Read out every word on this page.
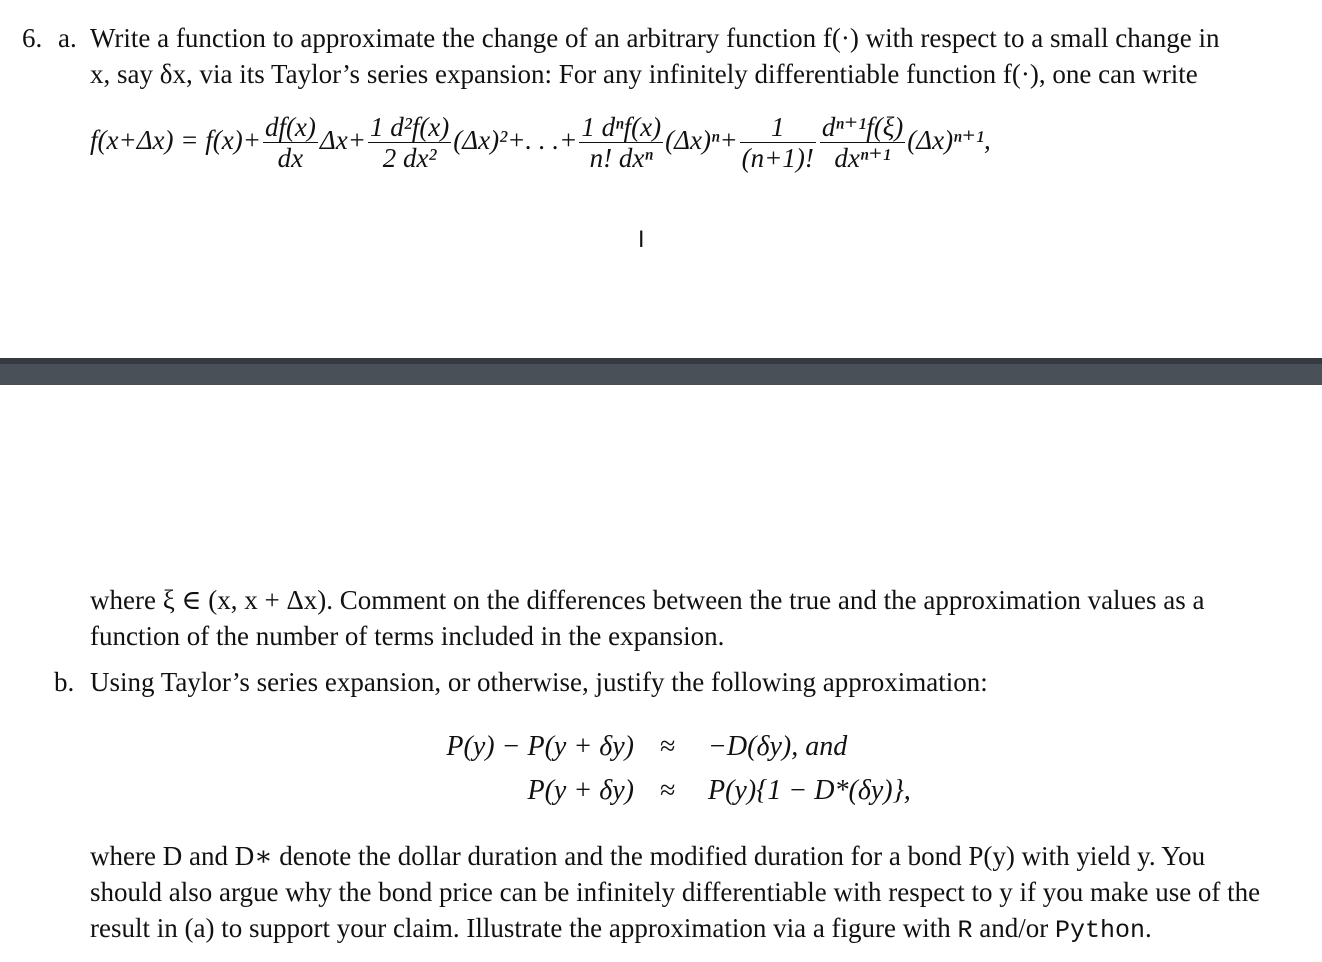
6. a. Write a function to approximate the change of an arbitrary function f(·) with respect to a small change in
x, say δx, via its Taylor’s series expansion: For any infinitely differentiable function f(·), one can write
$f(x+\Delta x) = f(x)+ \frac{df(x)}{dx} \Delta x+ \frac{\text{1 d²f(x)}}{\text{2 dx²}} (\Delta x)^2+$. . .+ $\frac{\text{1 dⁿf(x)}}{\text{n! dxⁿ}} (\Delta x)^n+ \frac{1}{(n+1)!} \frac{\text{dⁿ⁺¹f(ξ)}}{\text{dxⁿ⁺¹}} (\Delta x)^{n+1}$,
I
where ξ ∈ (x, x + Δx). Comment on the differences between the true and the approximation values as a
function of the number of terms included in the expansion.
b. Using Taylor’s series expansion, or otherwise, justify the following approximation:
P(y) − P(y + δy) ≈ −D(δy), and
P(y + δy) ≈ P(y){1 − D*(δy)},
where D and D∗ denote the dollar duration and the modified duration for a bond P(y) with yield y. You
should also argue why the bond price can be infinitely differentiable with respect to y if you make use of the
result in (a) to support your claim. Illustrate the approximation via a figure with R and/or Python.
